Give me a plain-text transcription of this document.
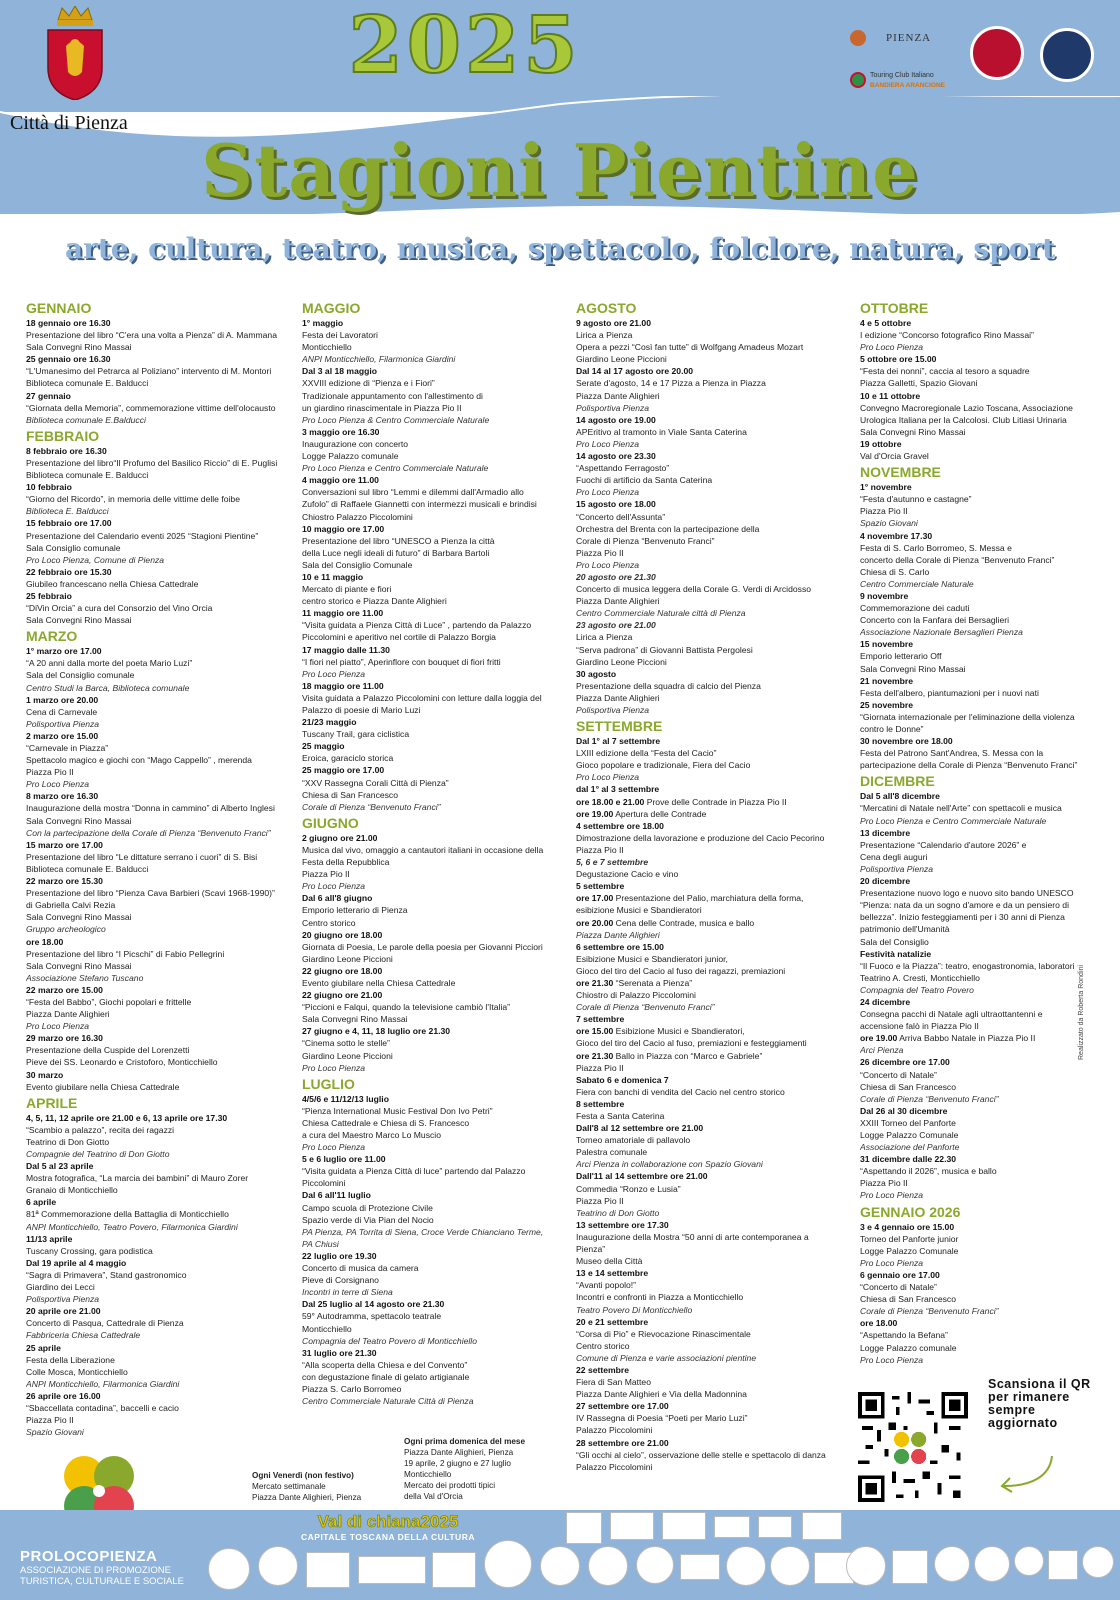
Città di Pienza
2025
Stagioni Pientine
arte, cultura, teatro, musica, spettacolo, folclore, natura, sport
PIENZA
Touring Club Italiano
BANDIERA ARANCIONE
GENNAIO
18 gennaio ore 16.30
Presentazione del libro “C'era una volta a Pienza” di A. Mammana
Sala Convegni Rino Massai
25 gennaio ore 16.30
“L'Umanesimo del Petrarca al Poliziano” intervento di M. Montori
Biblioteca comunale E. Balducci
27 gennaio
“Giornata della Memoria”, commemorazione vittime dell'olocausto
Biblioteca comunale E.Balducci
FEBBRAIO
8 febbraio ore 16.30
Presentazione del libro“Il Profumo del Basilico Riccio” di E. Puglisi
Biblioteca comunale E. Balducci
10 febbraio
“Giorno del Ricordo”, in memoria delle vittime delle foibe
Biblioteca E. Balducci
15 febbraio ore 17.00
Presentazione del Calendario eventi 2025 “Stagioni Pientine”
Sala Consiglio comunale
Pro Loco Pienza, Comune di Pienza
22 febbraio ore 15.30
Giubileo francescano nella Chiesa Cattedrale
25 febbraio
“DiVin Orcia” a cura del Consorzio del Vino Orcia
Sala Convegni Rino Massai
MARZO
1° marzo ore 17.00
“A 20 anni dalla morte del poeta Mario Luzi”
Sala del Consiglio comunale
Centro Studi la Barca, Biblioteca comunale
1 marzo ore 20.00
Cena di Carnevale
Polisportiva Pienza
2 marzo ore 15.00
“Carnevale in Piazza”
Spettacolo magico e giochi con “Mago Cappello” , merenda
Piazza Pio II
Pro Loco Pienza
8 marzo ore 16.30
Inaugurazione della mostra “Donna in cammino” di Alberto Inglesi
Sala Convegni Rino Massai
Con la partecipazione della Corale di Pienza “Benvenuto Franci”
15 marzo ore 17.00
Presentazione del libro “Le dittature serrano i cuori” di S. Bisi
Biblioteca comunale E. Balducci
22 marzo ore 15.30
Presentazione del libro “Pienza Cava Barbieri (Scavi 1968-1990)”
di Gabriella Calvi Rezia
Sala Convegni Rino Massai
Gruppo archeologico
ore 18.00
Presentazione del libro “I Picschi” di Fabio Pellegrini
Sala Convegni Rino Massai
Associazione Stefano Tuscano
22 marzo ore 15.00
“Festa del Babbo”, Giochi popolari e frittelle
Piazza Dante Alighieri
Pro Loco Pienza
29 marzo ore 16.30
Presentazione della Cuspide del Lorenzetti
Pieve dei SS. Leonardo e Cristoforo, Monticchiello
30 marzo
Evento giubilare nella Chiesa Cattedrale
APRILE
4, 5, 11, 12 aprile ore 21.00 e 6, 13 aprile ore 17.30
“Scambio a palazzo”, recita dei ragazzi
Teatrino di Don Giotto
Compagnie del Teatrino di Don Giotto
Dal 5 al 23 aprile
Mostra fotografica, “La marcia dei bambini” di Mauro Zorer
Granaio di Monticchiello
6 aprile
81ª Commemorazione della Battaglia di Monticchiello
ANPI Monticchiello, Teatro Povero, Filarmonica Giardini
11/13 aprile
Tuscany Crossing, gara podistica
Dal 19 aprile al 4 maggio
“Sagra di Primavera”, Stand gastronomico
Giardino dei Lecci
Polisportiva Pienza
20 aprile ore 21.00
Concerto di Pasqua, Cattedrale di Pienza
Fabbriceria Chiesa Cattedrale
25 aprile
Festa della Liberazione
Colle Mosca, Monticchiello
ANPI Monticchiello, Filarmonica Giardini
26 aprile ore 16.00
“Sbaccellata contadina”, baccelli e cacio
Piazza Pio II
Spazio Giovani
MAGGIO
1° maggio
Festa dei Lavoratori
Monticchiello
ANPI Monticchiello, Filarmonica Giardini
Dal 3 al 18 maggio
XXVIII edizione di “Pienza e i Fiori”
Tradizionale appuntamento con l'allestimento di
un giardino rinascimentale in Piazza Pio II
Pro Loco Pienza & Centro Commerciale Naturale
3 maggio ore 16.30
Inaugurazione con concerto
Logge Palazzo comunale
Pro Loco Pienza e Centro Commerciale Naturale
4 maggio ore 11.00
Conversazioni sul libro “Lemmi e dilemmi dall'Armadio allo
Zufolo” di Raffaele Giannetti con intermezzi musicali e brindisi
Chiostro Palazzo Piccolomini
10 maggio ore 17.00
Presentazione del libro “UNESCO a Pienza la città
della Luce negli ideali di futuro” di Barbara Bartoli
Sala del Consiglio Comunale
10 e 11 maggio
Mercato di piante e fiori
centro storico e Piazza Dante Alighieri
11 maggio ore 11.00
“Visita guidata a Pienza Città di Luce” , partendo da Palazzo
Piccolomini e aperitivo nel cortile di Palazzo Borgia
17 maggio dalle 11.30
“I fiori nel piatto”, Aperinflore con bouquet di fiori fritti
Pro Loco Pienza
18 maggio ore 11.00
Visita guidata a Palazzo Piccolomini con letture dalla loggia del
Palazzo di poesie di Mario Luzi
21/23 maggio
Tuscany Trail, gara ciclistica
25 maggio
Eroica, garaciclo storica
25 maggio ore 17.00
“XXV Rassegna Corali Città di Pienza”
Chiesa di San Francesco
Corale di Pienza “Benvenuto Franci”
GIUGNO
2 giugno ore 21.00
Musica dal vivo, omaggio a cantautori italiani in occasione della
Festa della Repubblica
Piazza Pio II
Pro Loco Pienza
Dal 6 all'8 giugno
Emporio letterario di Pienza
Centro storico
20 giugno ore 18.00
Giornata di Poesia, Le parole della poesia per Giovanni Picciori
Giardino Leone Piccioni
22 giugno ore 18.00
Evento giubilare nella Chiesa Cattedrale
22 giugno ore 21.00
“Piccioni e Falqui, quando la televisione cambiò l'Italia”
Sala Convegni Rino Massai
27 giugno e 4, 11, 18 luglio ore 21.30
“Cinema sotto le stelle”
Giardino Leone Piccioni
Pro Loco Pienza
LUGLIO
4/5/6 e 11/12/13 luglio
“Pienza International Music Festival Don Ivo Petri”
Chiesa Cattedrale e Chiesa di S. Francesco
a cura del Maestro Marco Lo Muscio
Pro Loco Pienza
5 e 6 luglio ore 11.00
“Visita guidata a Pienza Città di luce” partendo dal Palazzo
Piccolomini
Dal 6 all'11 luglio
Campo scuola di Protezione Civile
Spazio verde di Via Pian del Nocio
PA Pienza, PA Torrita di Siena, Croce Verde Chianciano Terme,
PA Chiusi
22 luglio ore 19.30
Concerto di musica da camera
Pieve di Corsignano
Incontri in terre di Siena
Dal 25 luglio al 14 agosto ore 21.30
59° Autodramma, spettacolo teatrale
Monticchiello
Compagnia del Teatro Povero di Monticchiello
31 luglio ore 21.30
“Alla scoperta della Chiesa e del Convento”
con degustazione finale di gelato artigianale
Piazza S. Carlo Borromeo
Centro Commerciale Naturale Città di Pienza
AGOSTO
9 agosto ore 21.00
Lirica a Pienza
Opera a pezzi “Così fan tutte” di Wolfgang Amadeus Mozart
Giardino Leone Piccioni
Dal 14 al 17 agosto ore 20.00
Serate d'agosto, 14 e 17 Pizza a Pienza in Piazza
Piazza Dante Alighieri
Polisportiva Pienza
14 agosto ore 19.00
APEritivo al tramonto in Viale Santa Caterina
Pro Loco Pienza
14 agosto ore 23.30
“Aspettando Ferragosto”
Fuochi di artificio da Santa Caterina
Pro Loco Pienza
15 agosto ore 18.00
“Concerto dell'Assunta”
Orchestra del Brenta con la partecipazione della
Corale di Pienza “Benvenuto Franci”
Piazza Pio II
Pro Loco Pienza
20 agosto ore 21.30
Concerto di musica leggera della Corale G. Verdi di Arcidosso
Piazza Dante Alighieri
Centro Commerciale Naturale città di Pienza
23 agosto ore 21.00
Lirica a Pienza
“Serva padrona” di Giovanni Battista Pergolesi
Giardino Leone Piccioni
30 agosto
Presentazione della squadra di calcio del Pienza
Piazza Dante Alighieri
Polisportiva Pienza
SETTEMBRE
Dal 1° al 7 settembre
LXIII edizione della “Festa del Cacio”
Gioco popolare e tradizionale, Fiera del Cacio
Pro Loco Pienza
dal 1° al 3 settembre
ore 18.00 e 21.00 Prove delle Contrade in Piazza Pio II
ore 19.00 Apertura delle Contrade
4 settembre ore 18.00
Dimostrazione della lavorazione e produzione del Cacio Pecorino
Piazza Pio II
5, 6 e 7 settembre
Degustazione Cacio e vino
5 settembre
ore 17.00 Presentazione del Palio, marchiatura della forma,
esibizione Musici e Sbandieratori
ore 20.00 Cena delle Contrade, musica e ballo
Piazza Dante Alighieri
6 settembre ore 15.00
Esibizione Musici e Sbandieratori junior,
Gioco del tiro del Cacio al fuso dei ragazzi, premiazioni
ore 21.30 “Serenata a Pienza”
Chiostro di Palazzo Piccolomini
Corale di Pienza “Benvenuto Franci”
7 settembre
ore 15.00 Esibizione Musici e Sbandieratori,
Gioco del tiro del Cacio al fuso, premiazioni e festeggiamenti
ore 21.30 Ballo in Piazza con “Marco e Gabriele”
Piazza Pio II
Sabato 6 e domenica 7
Fiera con banchi di vendita del Cacio nel centro storico
8 settembre
Festa a Santa Caterina
Dall'8 al 12 settembre ore 21.00
Torneo amatoriale di pallavolo
Palestra comunale
Arci Pienza in collaborazione con Spazio Giovani
Dall'11 al 14 settembre ore 21.00
Commedia “Ronzo e Lusia”
Piazza Pio II
Teatrino di Don Giotto
13 settembre ore 17.30
Inaugurazione della Mostra “50 anni di arte contemporanea a
Pienza”
Museo della Città
13 e 14 settembre
“Avanti popolo!”
Incontri e confronti in Piazza a Monticchiello
Teatro Povero Di Monticchiello
20 e 21 settembre
“Corsa di Pio” e Rievocazione Rinascimentale
Centro storico
Comune di Pienza e varie associazioni pientine
22 settembre
Fiera di San Matteo
Piazza Dante Alighieri e Via della Madonnina
27 settembre ore 17.00
IV Rassegna di Poesia “Poeti per Mario Luzi”
Palazzo Piccolomini
28 settembre ore 21.00
“Gli occhi al cielo”, osservazione delle stelle e spettacolo di danza
Palazzo Piccolomini
OTTOBRE
4 e 5 ottobre
I edizione “Concorso fotografico Rino Massai”
Pro Loco Pienza
5 ottobre ore 15.00
“Festa dei nonni”, caccia al tesoro a squadre
Piazza Galletti, Spazio Giovani
10 e 11 ottobre
Convegno Macroregionale Lazio Toscana, Associazione
Urologica Italiana per la Calcolosi. Club Litiasi Urinaria
Sala Convegni Rino Massai
19 ottobre
Val d'Orcia Gravel
NOVEMBRE
1° novembre
“Festa d'autunno e castagne”
Piazza Pio II
Spazio Giovani
4 novembre 17.30
Festa di S. Carlo Borromeo, S. Messa e
concerto della Corale di Pienza “Benvenuto Franci”
Chiesa di S. Carlo
Centro Commerciale Naturale
9 novembre
Commemorazione dei caduti
Concerto con la Fanfara dei Bersaglieri
Associazione Nazionale Bersaglieri Pienza
15 novembre
Emporio letterario Off
Sala Convegni Rino Massai
21 novembre
Festa dell'albero, piantumazioni per i nuovi nati
25 novembre
“Giornata internazionale per l'eliminazione della violenza
contro le Donne”
30 novembre ore 18.00
Festa del Patrono Sant'Andrea, S. Messa con la
partecipazione della Corale di Pienza “Benvenuto Franci”
DICEMBRE
Dal 5 all'8 dicembre
“Mercatini di Natale nell'Arte” con spettacoli e musica
Pro Loco Pienza e Centro Commerciale Naturale
13 dicembre
Presentazione “Calendario d'autore 2026” e
Cena degli auguri
Polisportiva Pienza
20 dicembre
Presentazione nuovo logo e nuovo sito bando UNESCO
“Pienza: nata da un sogno d'amore e da un pensiero di
bellezza”. Inizio festeggiamenti per i 30 anni di Pienza
patrimonio dell'Umanità
Sala del Consiglio
Festività natalizie
“Il Fuoco e la Piazza”: teatro, enogastronomia, laboratori
Teatrino A. Cresti, Monticchiello
Compagnia del Teatro Povero
24 dicembre
Consegna pacchi di Natale agli ultraottantenni e
accensione falò in Piazza Pio II
ore 19.00 Arriva Babbo Natale in Piazza Pio II
Arci Pienza
26 dicembre ore 17.00
“Concerto di Natale”
Chiesa di San Francesco
Corale di Pienza “Benvenuto Franci”
Dal 26 al 30 dicembre
XXIII Torneo del Panforte
Logge Palazzo Comunale
Associazione del Panforte
31 dicembre dalle 22.30
“Aspettando il 2026”, musica e ballo
Piazza Pio II
Pro Loco Pienza
GENNAIO 2026
3 e 4 gennaio ore 15.00
Torneo del Panforte junior
Logge Palazzo Comunale
Pro Loco Pienza
6 gennaio ore 17.00
“Concerto di Natale”
Chiesa di San Francesco
Corale di Pienza “Benvenuto Franci”
ore 18.00
“Aspettando la Befana”
Logge Palazzo comunale
Pro Loco Pienza
Ogni Venerdì (non festivo)
Mercato settimanale
Piazza Dante Alighieri, Pienza
Ogni prima domenica del mese
Piazza Dante Alighieri, Pienza
19 aprile, 2 giugno e 27 luglio
Monticchiello
Mercato dei prodotti tipici
della Val d'Orcia
Scansiona il QR per rimanere sempre aggiornato
Realizzato da Roberta Rondini
PROLOCOPIENZA
ASSOCIAZIONE DI PROMOZIONE
TURISTICA, CULTURALE E SOCIALE
Val di chiana2025
CAPITALE TOSCANA DELLA CULTURA
